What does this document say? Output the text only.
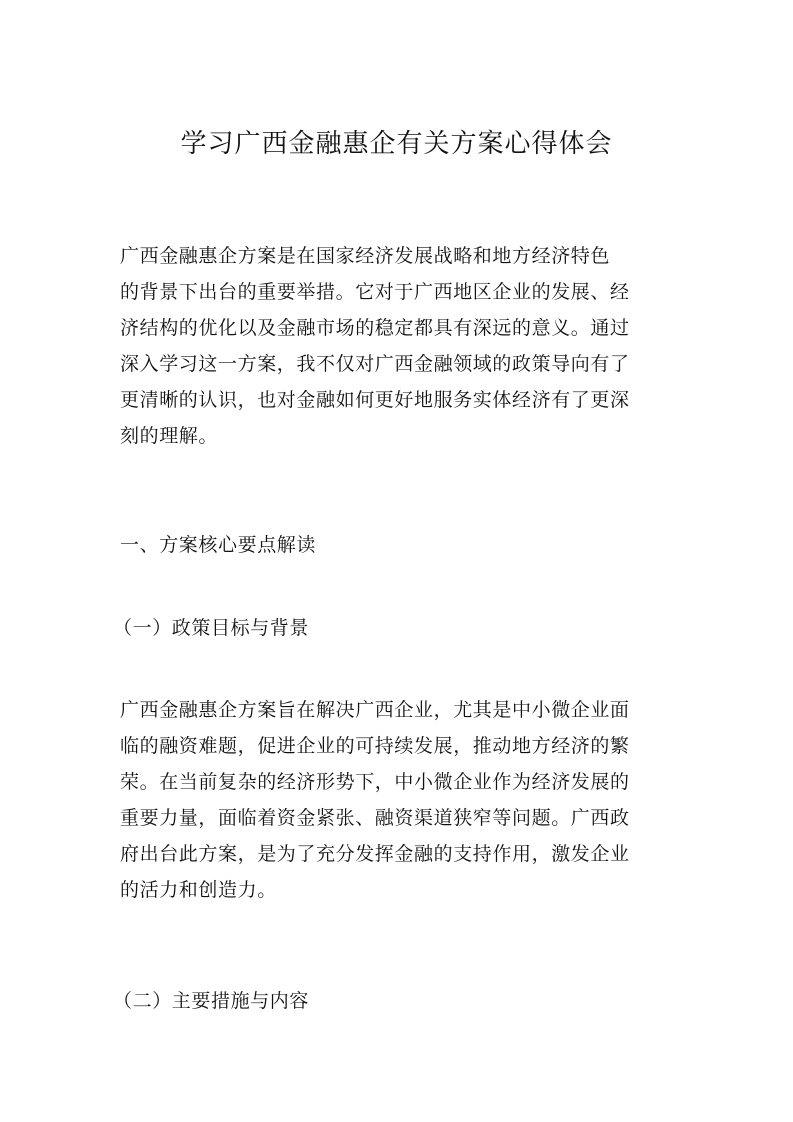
学习广西金融惠企有关方案心得体会

广西金融惠企方案是在国家经济发展战略和地方经济特色
的背景下出台的重要举措。它对于广西地区企业的发展、经
济结构的优化以及金融市场的稳定都具有深远的意义。通过
深入学习这一方案，我不仅对广西金融领域的政策导向有了
更清晰的认识，也对金融如何更好地服务实体经济有了更深
刻的理解。

一、方案核心要点解读
（一）政策目标与背景

广西金融惠企方案旨在解决广西企业，尤其是中小微企业面
临的融资难题，促进企业的可持续发展，推动地方经济的繁
荣。在当前复杂的经济形势下，中小微企业作为经济发展的
重要力量，面临着资金紧张、融资渠道狭窄等问题。广西政
府出台此方案，是为了充分发挥金融的支持作用，激发企业
的活力和创造力。

（二）主要措施与内容
